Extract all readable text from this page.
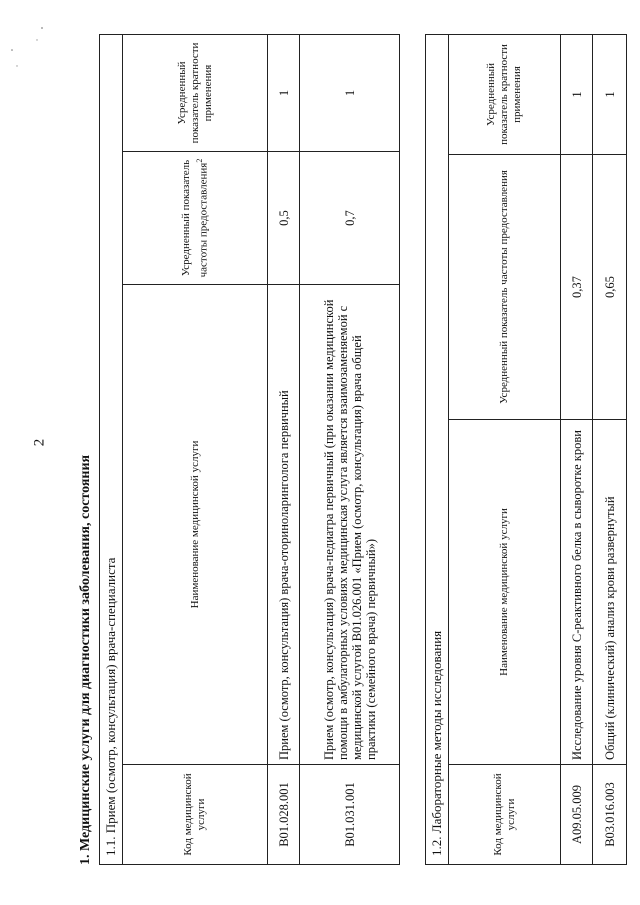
2
1. Медицинские услуги для диагностики заболевания, состояния 1.1. Прием (осмотр, консультация) врача-специалиста			
Код медицинской услуги	Наименование медицинской услуги	Усредненный показатель частоты предоставления$^2$	Усредненный показатель кратности применения
B01.028.001	Прием (осмотр, консультация) врача-оториноларинголога первичный	0,5	1
B01.031.001	Прием (осмотр, консультация) врача-педиатра первичный (при оказании медицинской помощи в амбулаторных условиях медицинская услуга является взаимозаменяемой с медицинской услугой B01.026.001 «Прием (осмотр, консультация) врача общей практики (семейного врача) первичный»)	0,7	1
1.2. Лабораторные методы исследования			
Код медицинской услуги	Наименование медицинской услуги	Усредненный показатель частоты предоставления	Усредненный показатель кратности применения
A09.05.009	Исследование уровня С-реактивного белка в сыворотке крови	0,37	1
B03.016.003	Общий (клинический) анализ крови развернутый	0,65	1
